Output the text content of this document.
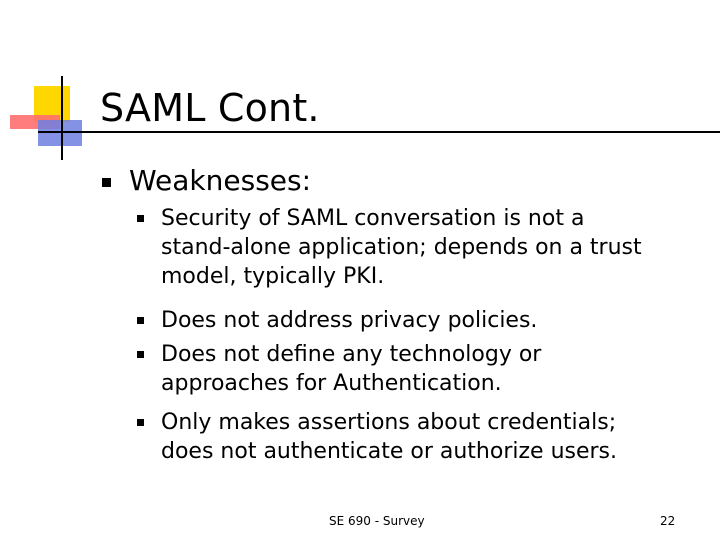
SAML Cont.
Weaknesses:
Security of SAML conversation is not a
stand-alone application; depends on a trust
model, typically PKI.
Does not address privacy policies.
Does not define any technology or
approaches for Authentication.
Only makes assertions about credentials;
does not authenticate or authorize users.
SE 690 - Survey	22
